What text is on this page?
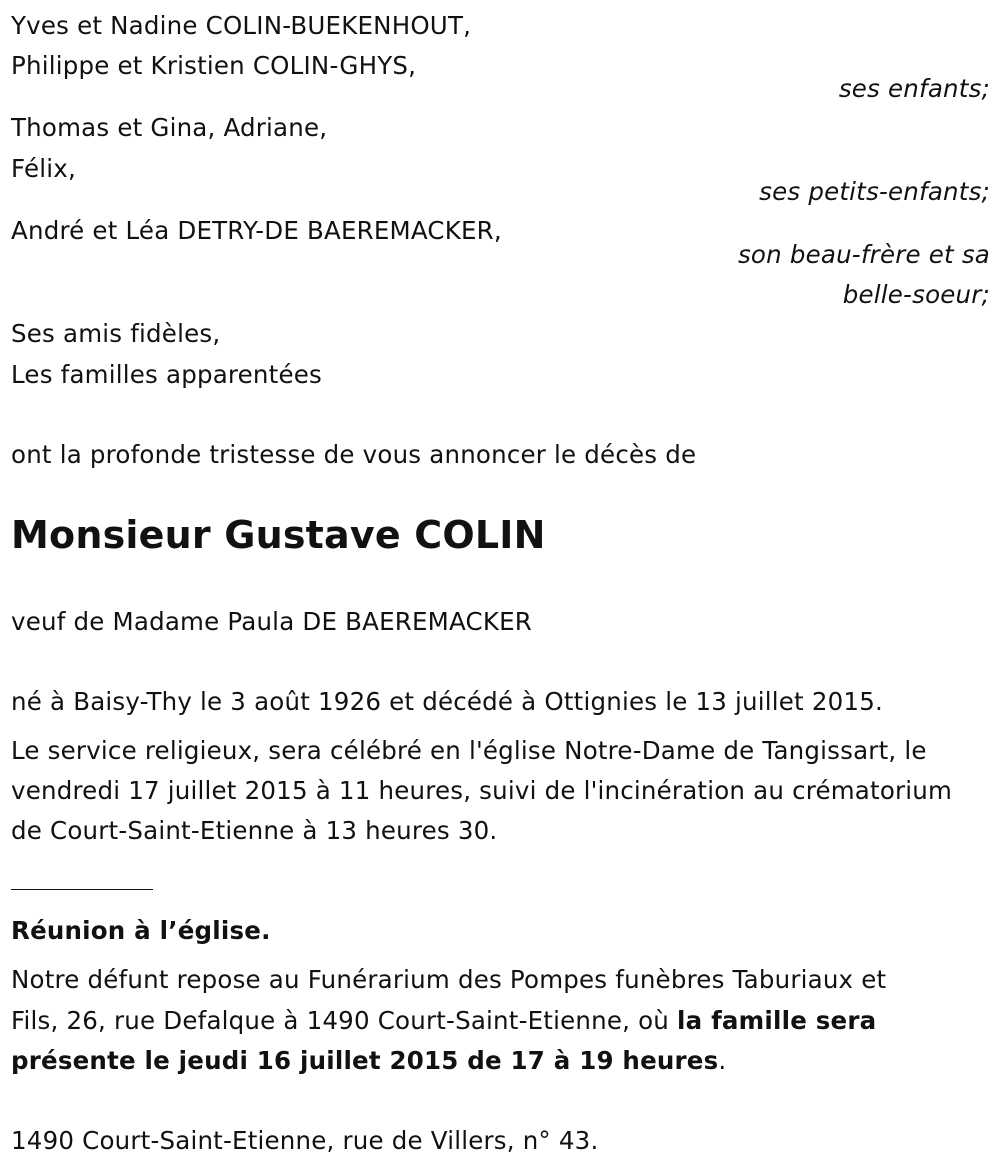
Yves et Nadine COLIN-BUEKENHOUT,
Philippe et Kristien COLIN-GHYS,
ses enfants;
Thomas et Gina, Adriane,
Félix,
ses petits-enfants;
André et Léa DETRY-DE BAEREMACKER,
son beau-frère et sa
belle-soeur;
Ses amis fidèles,
Les familles apparentées
ont la profonde tristesse de vous annoncer le décès de
Monsieur Gustave COLIN
veuf de Madame Paula DE BAEREMACKER
né à Baisy-Thy le 3 août 1926 et décédé à Ottignies le 13 juillet 2015.
Le service religieux, sera célébré en l'église Notre-Dame de Tangissart, le
vendredi 17 juillet 2015 à 11 heures, suivi de l'incinération au crématorium
de Court-Saint-Etienne à 13 heures 30.
Réunion à l’église.
Notre défunt repose au Funérarium des Pompes funèbres Taburiaux et
Fils, 26, rue Defalque à 1490 Court-Saint-Etienne, où la famille sera
présente le jeudi 16 juillet 2015 de 17 à 19 heures.
1490 Court-Saint-Etienne, rue de Villers, n° 43.
